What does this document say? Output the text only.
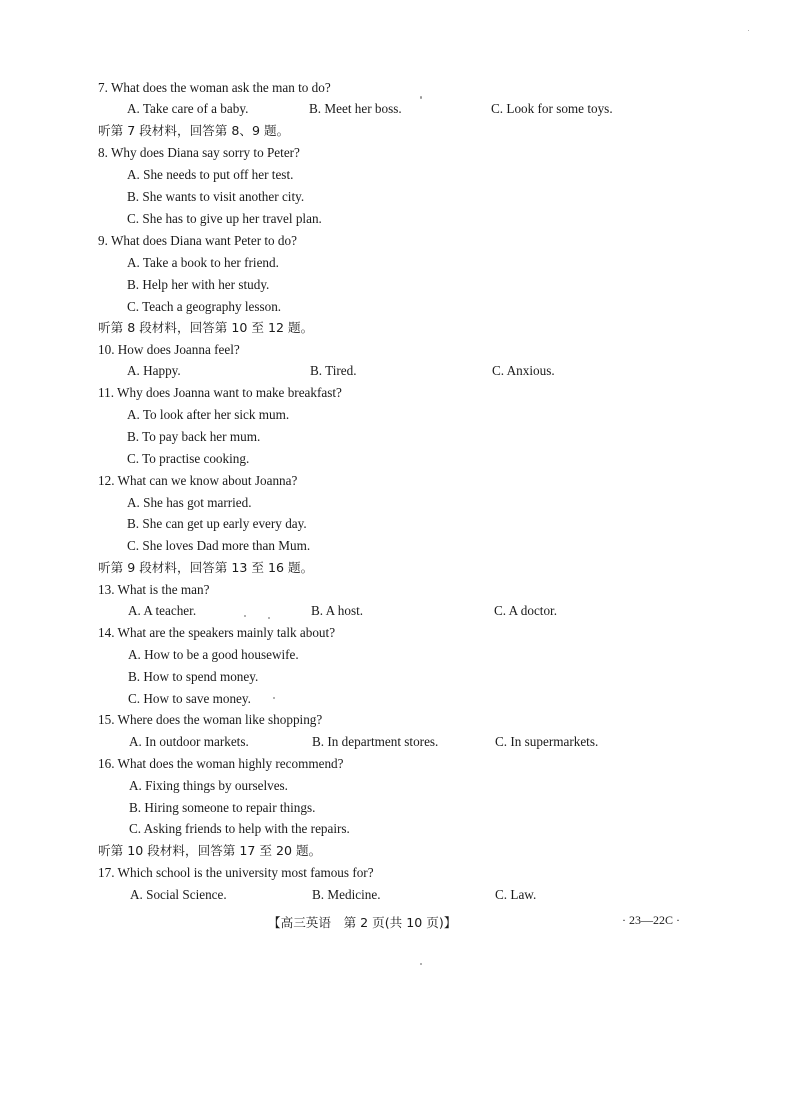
7. What does the woman ask the man to do?
A. Take care of a baby.	B. Meet her boss.	C. Look for some toys.
听第 7 段材料，回答第 8、9 题。
8. Why does Diana say sorry to Peter?
A. She needs to put off her test.
B. She wants to visit another city.
C. She has to give up her travel plan.
9. What does Diana want Peter to do?
A. Take a book to her friend.
B. Help her with her study.
C. Teach a geography lesson.
听第 8 段材料，回答第 10 至 12 题。
10. How does Joanna feel?
A. Happy.	B. Tired.	C. Anxious.
11. Why does Joanna want to make breakfast?
A. To look after her sick mum.
B. To pay back her mum.
C. To practise cooking.
12. What can we know about Joanna?
A. She has got married.
B. She can get up early every day.
C. She loves Dad more than Mum.
听第 9 段材料，回答第 13 至 16 题。
13. What is the man?
A. A teacher.	B. A host.	C. A doctor.
14. What are the speakers mainly talk about?
A. How to be a good housewife.
B. How to spend money.
C. How to save money.
15. Where does the woman like shopping?
A. In outdoor markets.	B. In department stores.	C. In supermarkets.
16. What does the woman highly recommend?
A. Fixing things by ourselves.
B. Hiring someone to repair things.
C. Asking friends to help with the repairs.
听第 10 段材料，回答第 17 至 20 题。
17. Which school is the university most famous for?
A. Social Science.	B. Medicine.	C. Law.
【高三英语　第 2 页(共 10 页)】	· 23—22C ·
